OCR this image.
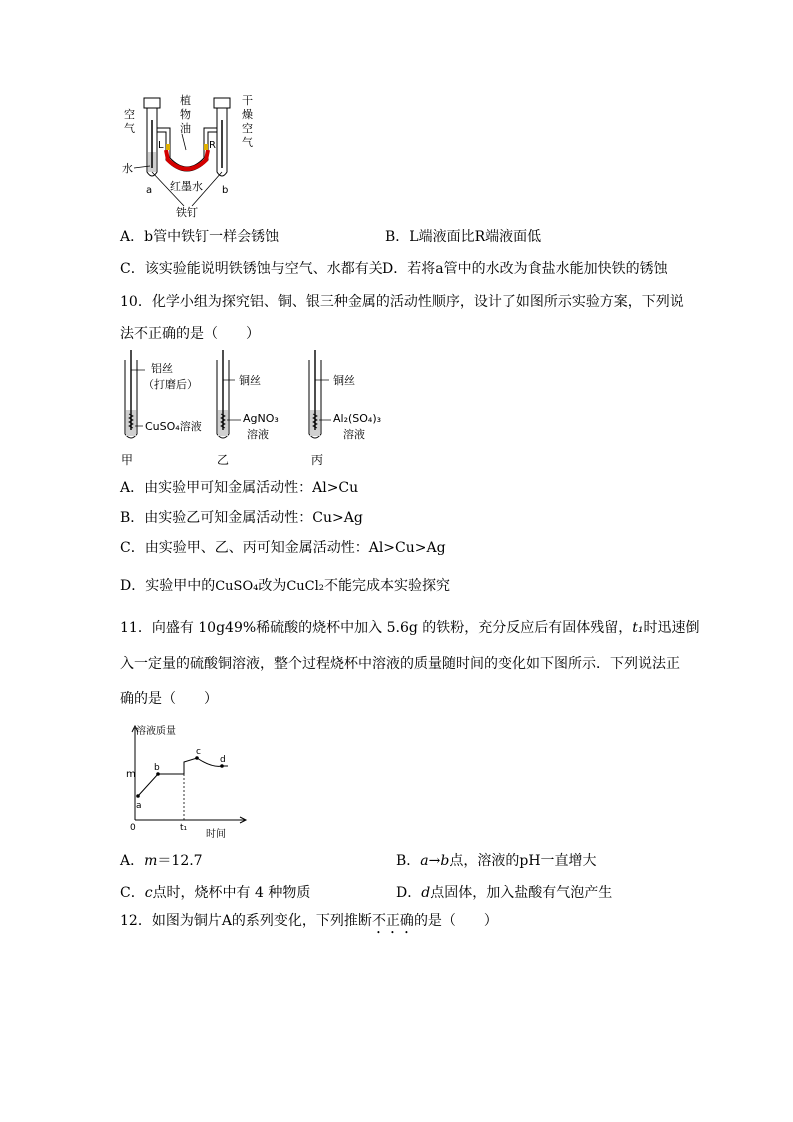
空
气
水
a	b
植
物
油
L	R
干
燥
空
气
红墨水
铁钉
A．b管中铁钉一样会锈蚀	B．L端液面比R端液面低
C．该实验能说明铁锈蚀与空气、水都有关 D．若将a管中的水改为食盐水能加快铁的锈蚀
10．化学小组为探究铝、铜、银三种金属的活动性顺序，设计了如图所示实验方案，下列说
法不正确的是（　　）
铝丝
（打磨后）
CuSO₄溶液
铜丝
AgNO₃
溶液
铜丝
Al₂(SO₄)₃
溶液
甲	乙	丙
A．由实验甲可知金属活动性：Al>Cu
B．由实验乙可知金属活动性：Cu>Ag
C．由实验甲、乙、丙可知金属活动性：Al>Cu>Ag
D．实验甲中的CuSO₄改为CuCl₂不能完成本实验探究
11．向盛有 10g49%稀硫酸的烧杯中加入 5.6g 的铁粉，充分反应后有固体残留，t₁时迅速倒
入一定量的硫酸铜溶液，整个过程烧杯中溶液的质量随时间的变化如下图所示．下列说法正
确的是（　　）
溶液质量
时间
m
0	t₁
a
b
c
d
A．m＝12.7	B．a→b点，溶液的pH一直增大
C．c点时，烧杯中有 4 种物质	D．d点固体，加入盐酸有气泡产生
12．如图为铜片A的系列变化，下列推断不正确的是（　　）
